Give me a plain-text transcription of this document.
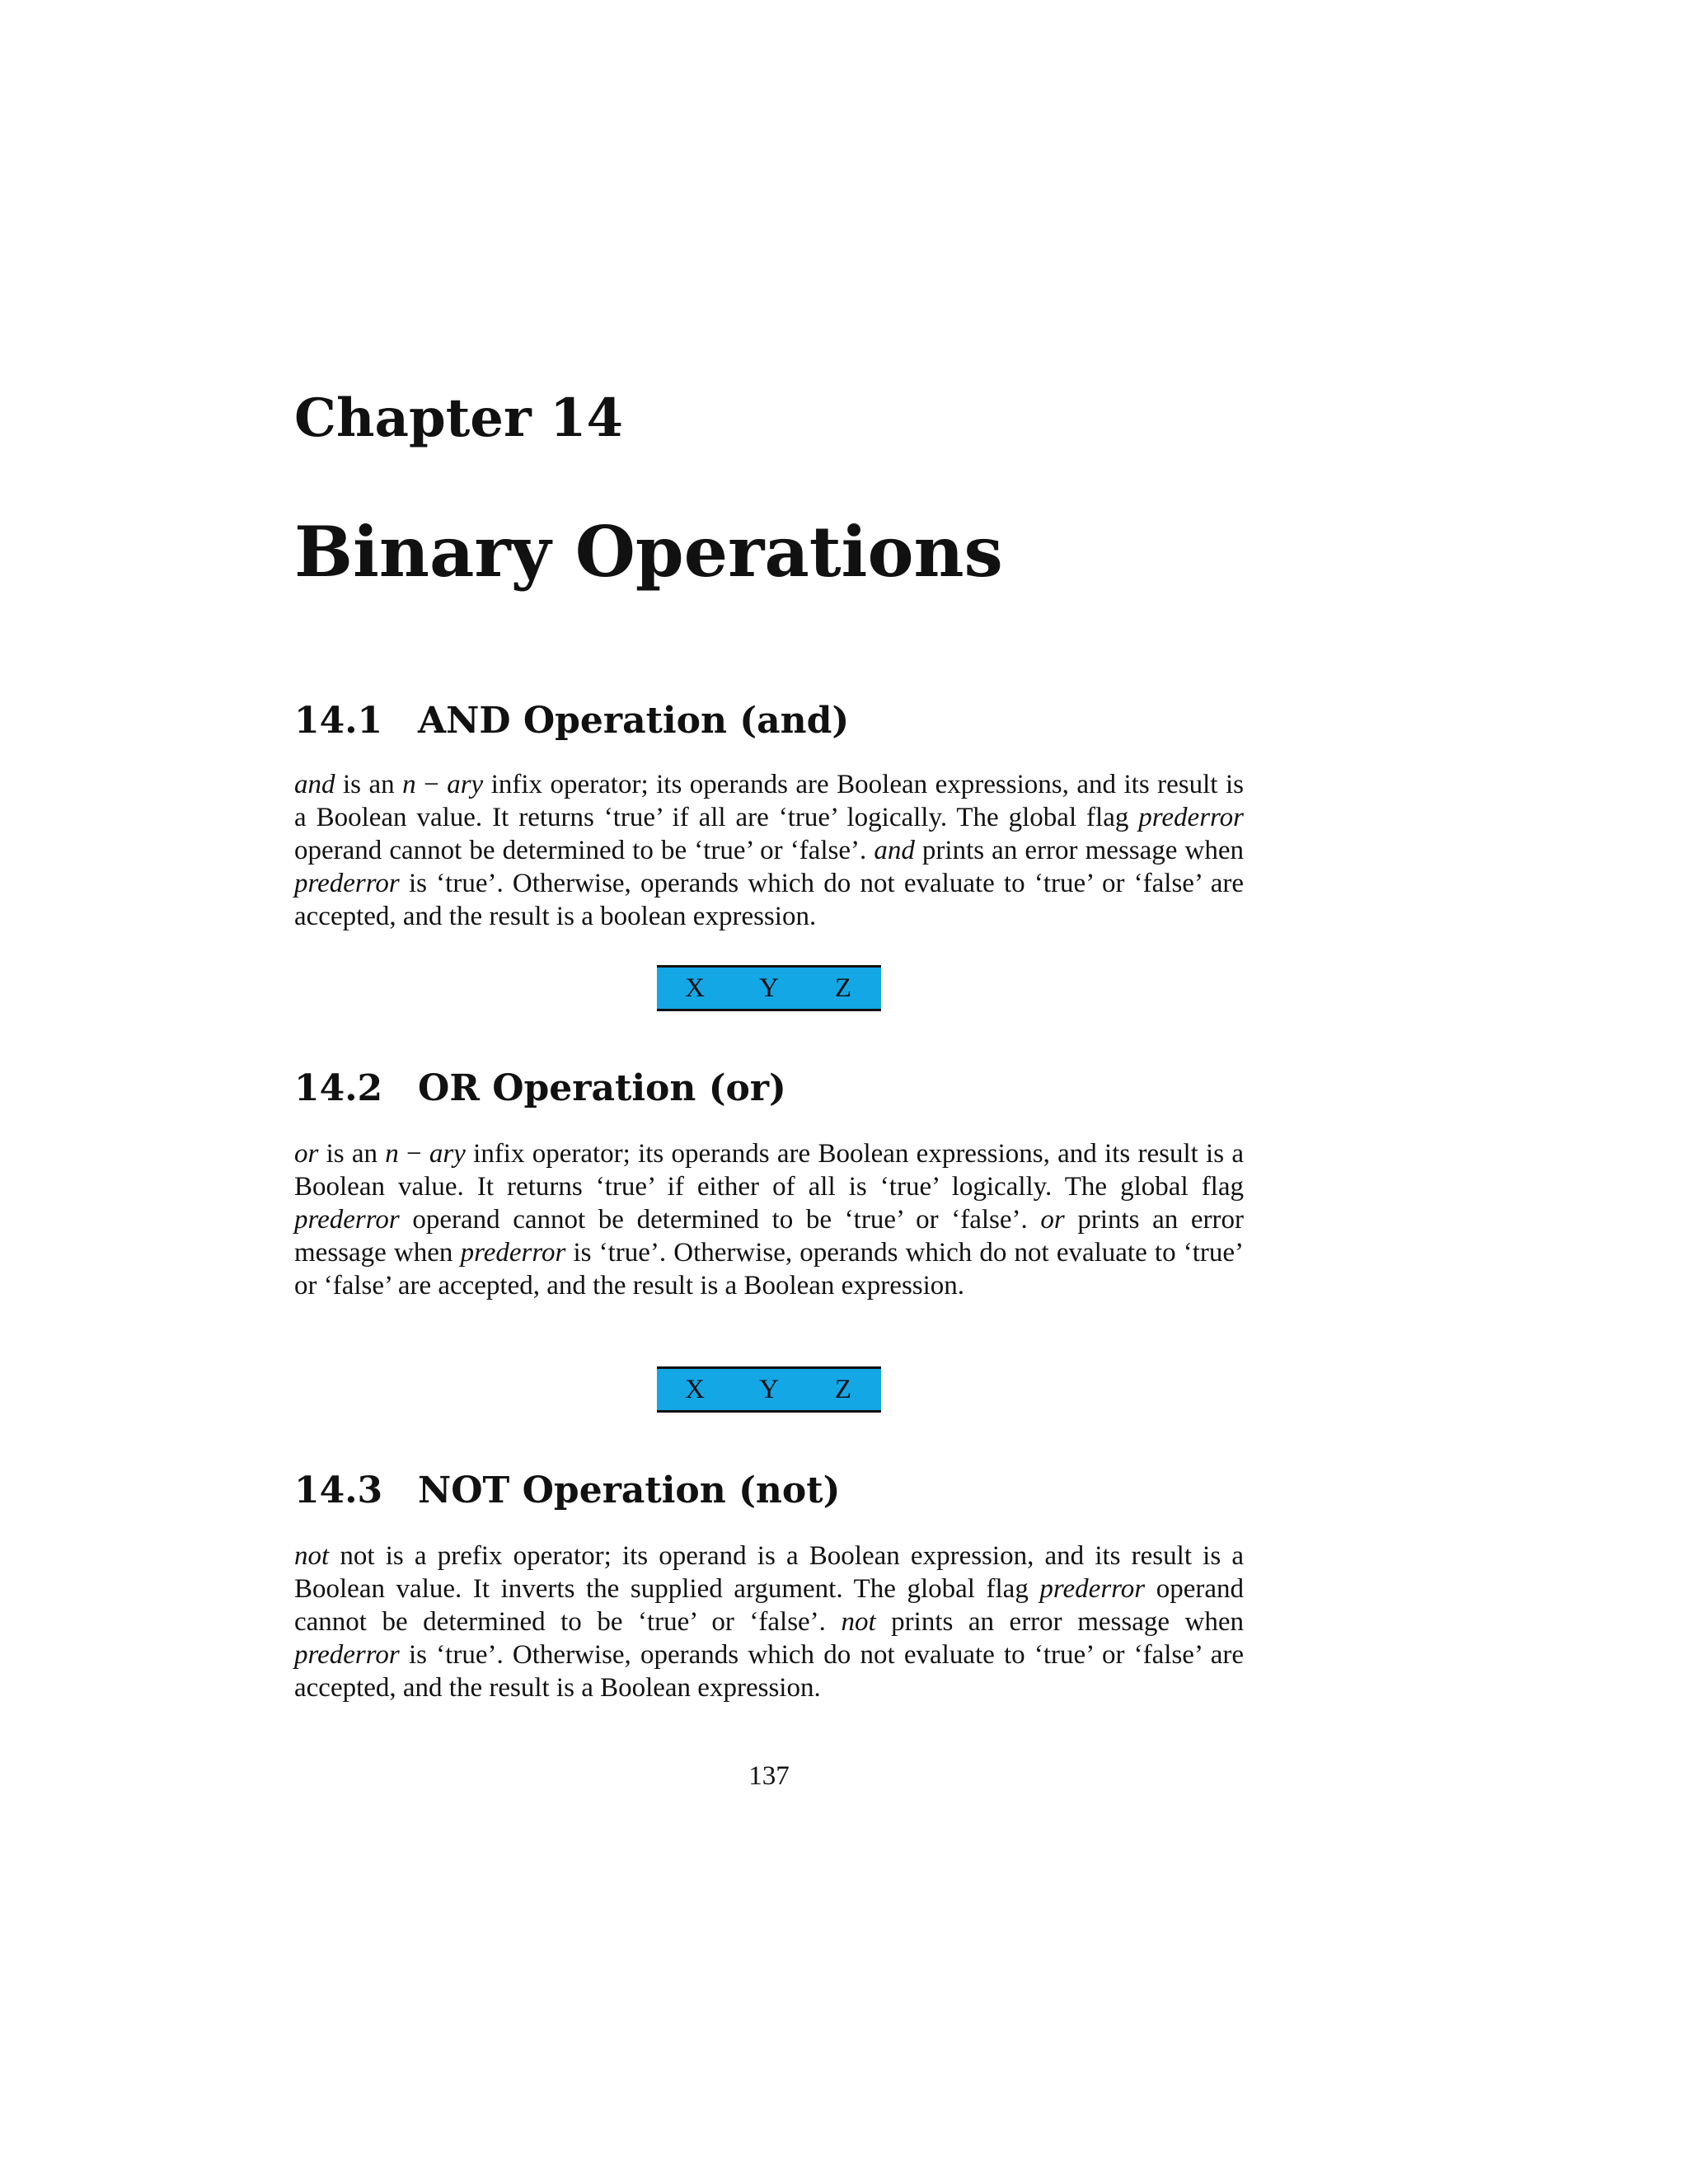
Chapter 14
Binary Operations
14.1 AND Operation (and)

and is an n − ary infix operator; its operands are Boolean expressions, and its result is a Boolean value. It returns ‘true’ if all are ‘true’ logically. The global flag prederror operand cannot be determined to be ‘true’ or ‘false’. and prints an error message when prederror is ‘true’. Otherwise, operands which do not evaluate to ‘true’ or ‘false’ are accepted, and the result is a boolean expression.

X	Y	Z
14.2 OR Operation (or)

or is an n − ary infix operator; its operands are Boolean expressions, and its result is a Boolean value. It returns ‘true’ if either of all is ‘true’ logically. The global flag prederror operand cannot be determined to be ‘true’ or ‘false’. or prints an error message when prederror is ‘true’. Otherwise, operands which do not evaluate to ‘true’ or ‘false’ are accepted, and the result is a Boolean expression.

X	Y	Z
14.3 NOT Operation (not)

not not is a prefix operator; its operand is a Boolean expression, and its result is a Boolean value. It inverts the supplied argument. The global flag prederror operand cannot be determined to be ‘true’ or ‘false’. not prints an error message when prederror is ‘true’. Otherwise, operands which do not evaluate to ‘true’ or ‘false’ are accepted, and the result is a Boolean expression.

137
